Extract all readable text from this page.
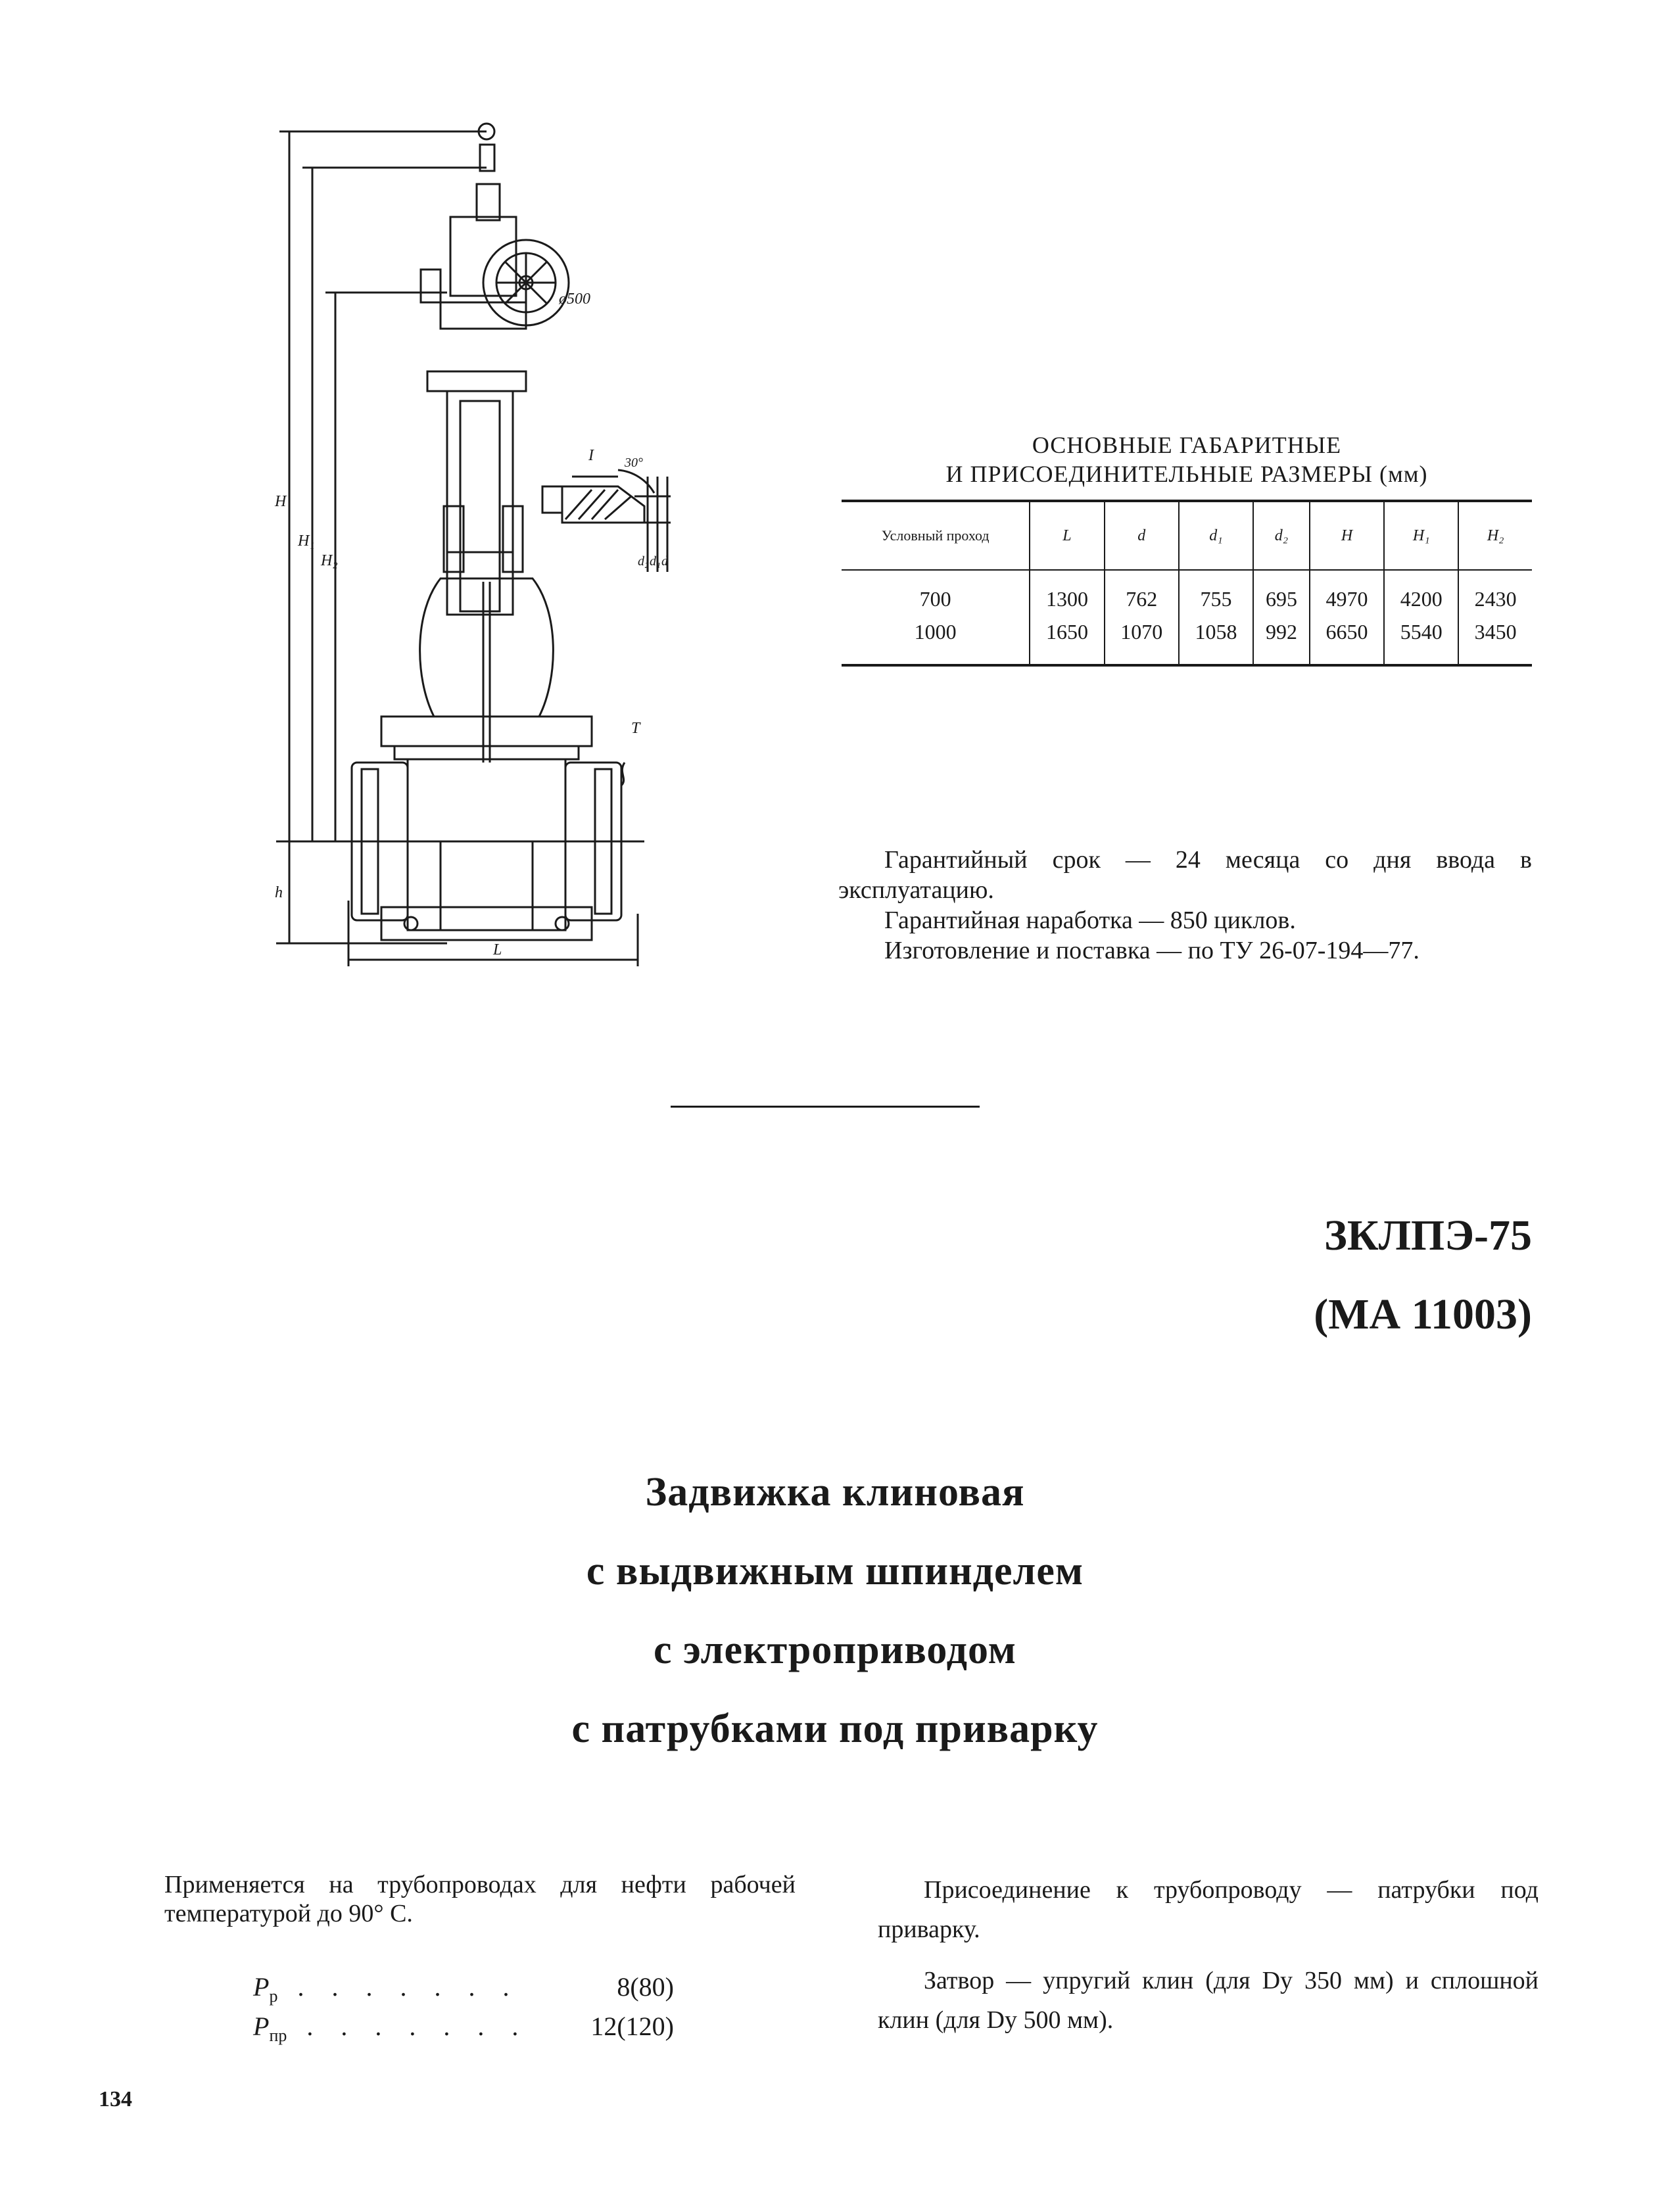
ø500
I 30°
H
H₁
H₂
h
L
T
d₂ d₁ d
ОСНОВНЫЕ ГАБАРИТНЫЕ
И ПРИСОЕДИНИТЕЛЬНЫЕ РАЗМЕРЫ (мм)
Условный проход	L	d	d₁	d₂	H	H₁	H₂
700	1300	762	755	695	4970	4200	2430
1000	1650	1070	1058	992	6650	5540	3450

Гарантийный срок — 24 месяца со дня ввода в эксплуатацию.

Гарантийная наработка — 850 циклов.

Изготовление и поставка — по ТУ 26-07-194—77.

ЗКЛПЭ-75
(МА 11003)
Задвижка клиновая
с выдвижным шпинделем
с электроприводом
с патрубками под приварку

Применяется на трубопроводах для нефти рабочей температурой до 90° С.

$P_р$ . . . . . . .	8(80)
$P_{пр}$ . . . . . . .	12(120)

Присоединение к трубопроводу — патрубки под приварку.

Затвор — упругий клин (для Dу 350 мм) и сплошной клин (для Dу 500 мм).

134
